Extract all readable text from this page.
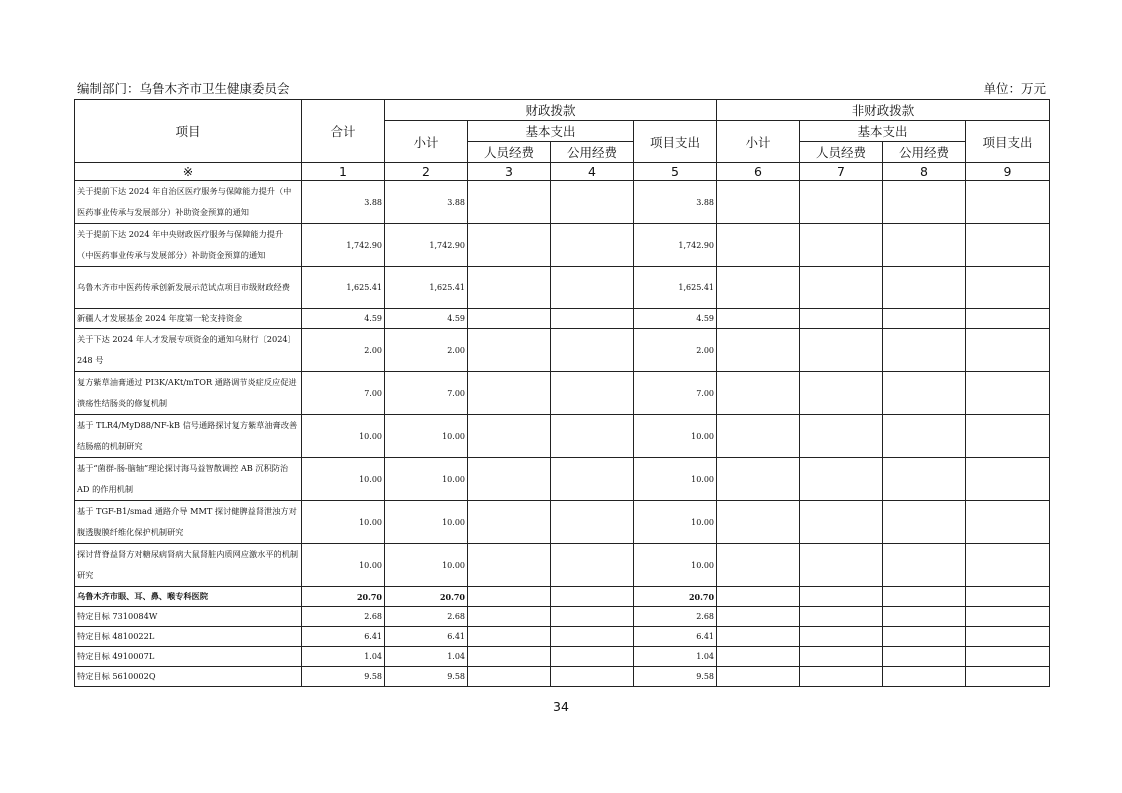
编制部门：乌鲁木齐市卫生健康委员会	单位：万元
项目	合计	财政拨款				非财政拨款			
		小计	基本支出		项目支出	小计	基本支出		项目支出
			人员经费	公用经费			人员经费	公用经费	
※	1	2	3	4	5	6	7	8	9
关于提前下达 2024 年自治区医疗服务与保障能力提升（中医药事业传承与发展部分）补助资金预算的通知	3.88	3.88			3.88				
关于提前下达 2024 年中央财政医疗服务与保障能力提升（中医药事业传承与发展部分）补助资金预算的通知	1,742.90	1,742.90			1,742.90				
乌鲁木齐市中医药传承创新发展示范试点项目市级财政经费	1,625.41	1,625.41			1,625.41				
新疆人才发展基金 2024 年度第一轮支持资金	4.59	4.59			4.59				
关于下达 2024 年人才发展专项资金的通知乌财行〔2024〕248 号	2.00	2.00			2.00				
复方紫草油膏通过 PI3K/AKt/mTOR 通路调节炎症反应促进溃疡性结肠炎的修复机制	7.00	7.00			7.00				
基于 TLR4/MyD88/NF-kB 信号通路探讨复方紫草油膏改善结肠癌的机制研究	10.00	10.00			10.00				
基于“菌群-肠-脑轴”理论探讨海马益智散调控 AB 沉积防治 AD 的作用机制	10.00	10.00			10.00				
基于 TGF-B1/smad 通路介导 MMT 探讨健脾益肾泄浊方对腹透腹膜纤维化保护机制研究	10.00	10.00			10.00				
探讨背脊益肾方对糖尿病肾病大鼠肾脏内质网应激水平的机制研究	10.00	10.00			10.00				
乌鲁木齐市眼、耳、鼻、喉专科医院	20.70	20.70			20.70				
特定目标 7310084W	2.68	2.68			2.68				
特定目标 4810022L	6.41	6.41			6.41				
特定目标 4910007L	1.04	1.04			1.04				
特定目标 5610002Q	9.58	9.58			9.58				
34
